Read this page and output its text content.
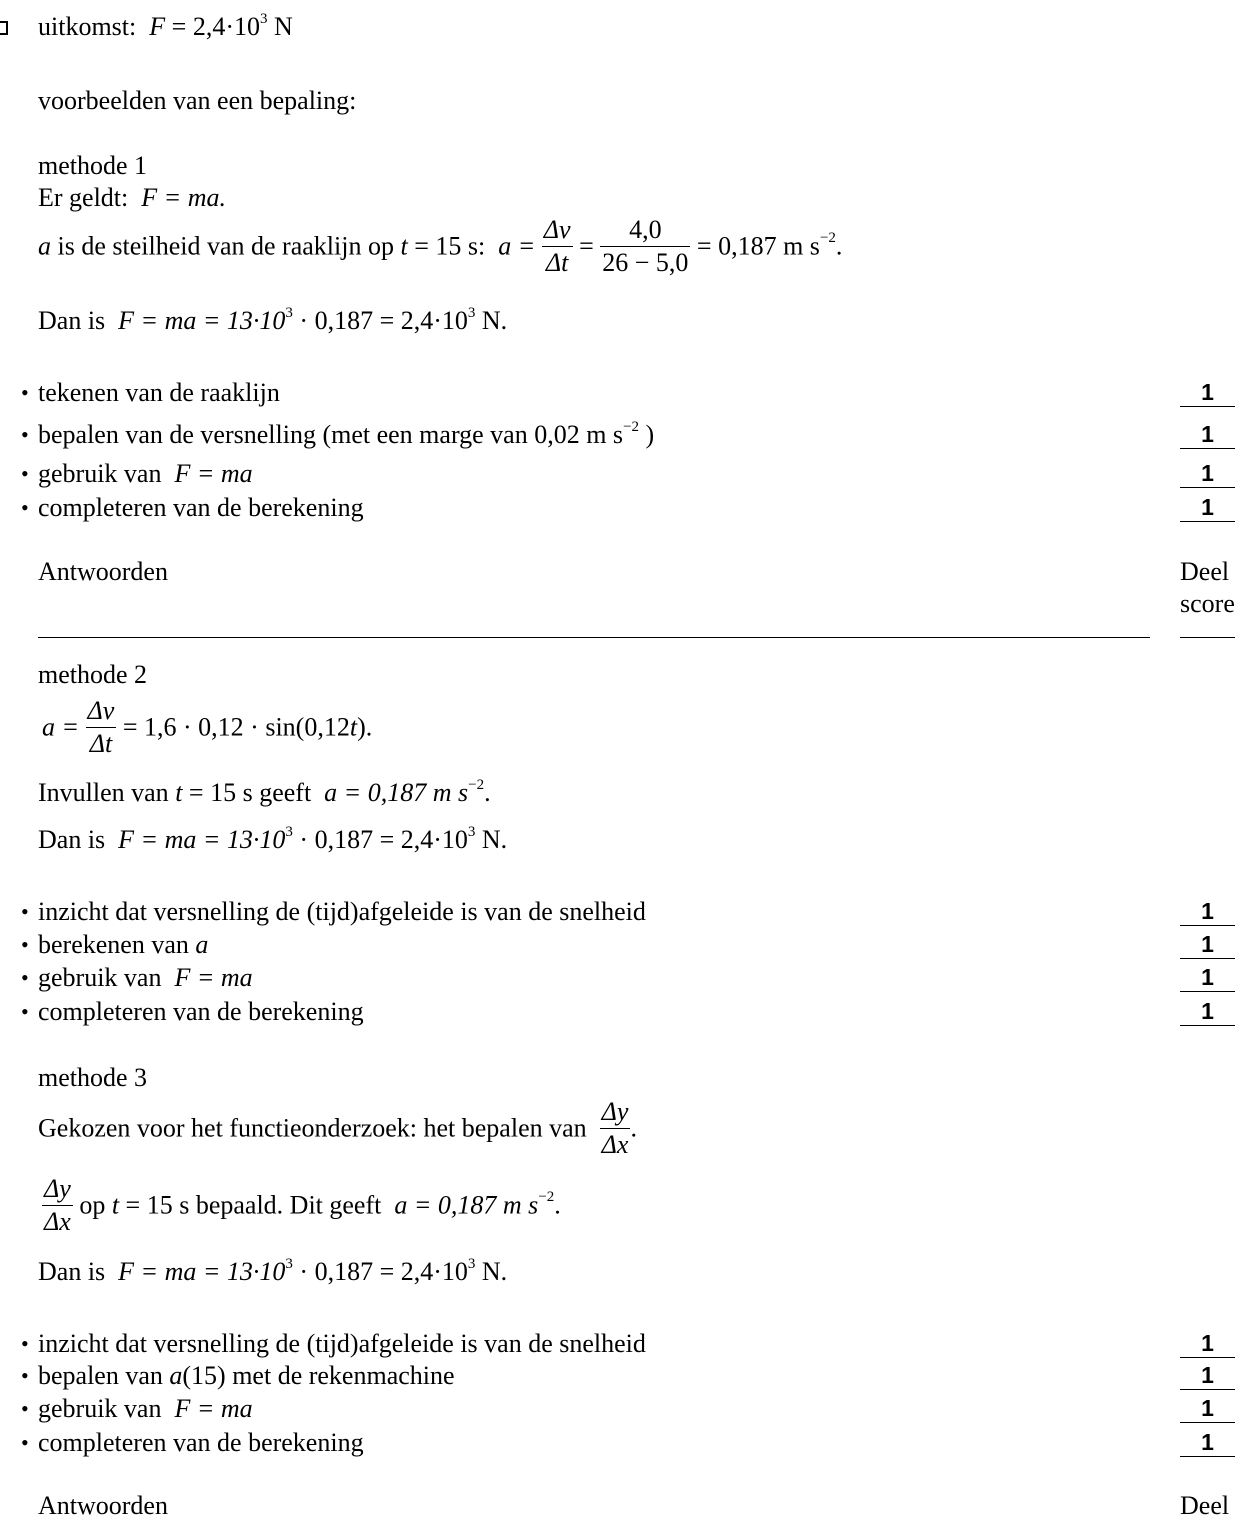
uitkomst: $F = 2,4\cdot 10^3$ N
voorbeelden van een bepaling:
methode 1
Er geldt: F = ma.
a is de steilheid van de raaklijn op t = 15 s: $a = \frac{\Delta v}{\Delta t} = \frac{4,0}{26 - 5,0} = 0,187$ m $s^{-2}$.
Dan is F = ma = $13\cdot 10^3 \cdot 0,187 = 2,4\cdot 10^3$ N.
• tekenen van de raaklijn	1
• bepalen van de versnelling (met een marge van 0,02 m $s^{-2}$ )	1
• gebruik van  F = ma	1
• completeren van de berekening	1
Antwoorden	Deel
score
methode 2
$a = \frac{\Delta v}{\Delta t} = 1,6 \cdot 0,12 \cdot \sin(0,12t)$.
Invullen van t = 15 s geeft a = 0,187 m $s^{-2}$.
Dan is F = ma = $13\cdot 10^3 \cdot 0,187 = 2,4\cdot 10^3$ N.
• inzicht dat versnelling de (tijd)afgeleide is van de snelheid	1
• berekenen van a	1
• gebruik van  F = ma	1
• completeren van de berekening	1
methode 3
Gekozen voor het functieonderzoek: het bepalen van $\frac{\Delta y}{\Delta x}$ .
$\frac{\Delta y}{\Delta x}$ op t = 15 s bepaald. Dit geeft a = 0,187 m $s^{-2}$.
Dan is F = ma = $13\cdot 10^3 \cdot 0,187 = 2,4\cdot 10^3$ N.
• inzicht dat versnelling de (tijd)afgeleide is van de snelheid	1
• bepalen van a(15) met de rekenmachine	1
• gebruik van  F = ma	1
• completeren van de berekening	1
Antwoorden	Deel
